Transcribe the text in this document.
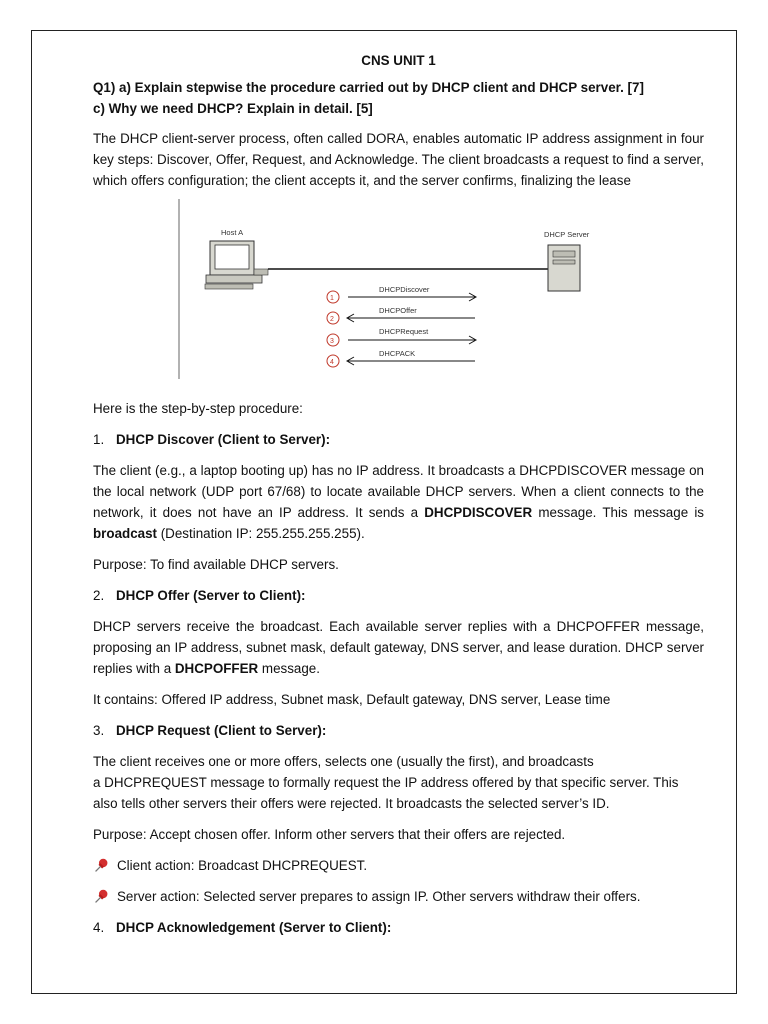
CNS UNIT 1

Q1) a) Explain stepwise the procedure carried out by DHCP client and DHCP server. [7]

c) Why we need DHCP? Explain in detail. [5]

The DHCP client-server process, often called DORA, enables automatic IP address assignment in four key steps: Discover, Offer, Request, and Acknowledge. The client broadcasts a request to find a server, which offers configuration; the client accepts it, and the server confirms, finalizing the lease

Host A	DHCP Server
1
DHCPDiscover
2
DHCPOffer
3
DHCPRequest
4
DHCPACK

Here is the step-by-step procedure:

1. DHCP Discover (Client to Server):

The client (e.g., a laptop booting up) has no IP address. It broadcasts a DHCPDISCOVER message on the local network (UDP port 67/68) to locate available DHCP servers. When a client connects to the network, it does not have an IP address. It sends a DHCPDISCOVER message. This message is broadcast (Destination IP: 255.255.255.255).

Purpose: To find available DHCP servers.

2. DHCP Offer (Server to Client):

DHCP servers receive the broadcast. Each available server replies with a DHCPOFFER message, proposing an IP address, subnet mask, default gateway, DNS server, and lease duration. DHCP server replies with a DHCPOFFER message.

It contains: Offered IP address, Subnet mask, Default gateway, DNS server, Lease time

3. DHCP Request (Client to Server):

The client receives one or more offers, selects one (usually the first), and broadcasts

a DHCPREQUEST message to formally request the IP address offered by that specific server. This also tells other servers their offers were rejected. It broadcasts the selected server’s ID.

Purpose: Accept chosen offer. Inform other servers that their offers are rejected.

Client action: Broadcast DHCPREQUEST.

Server action: Selected server prepares to assign IP. Other servers withdraw their offers.

4. DHCP Acknowledgement (Server to Client):
